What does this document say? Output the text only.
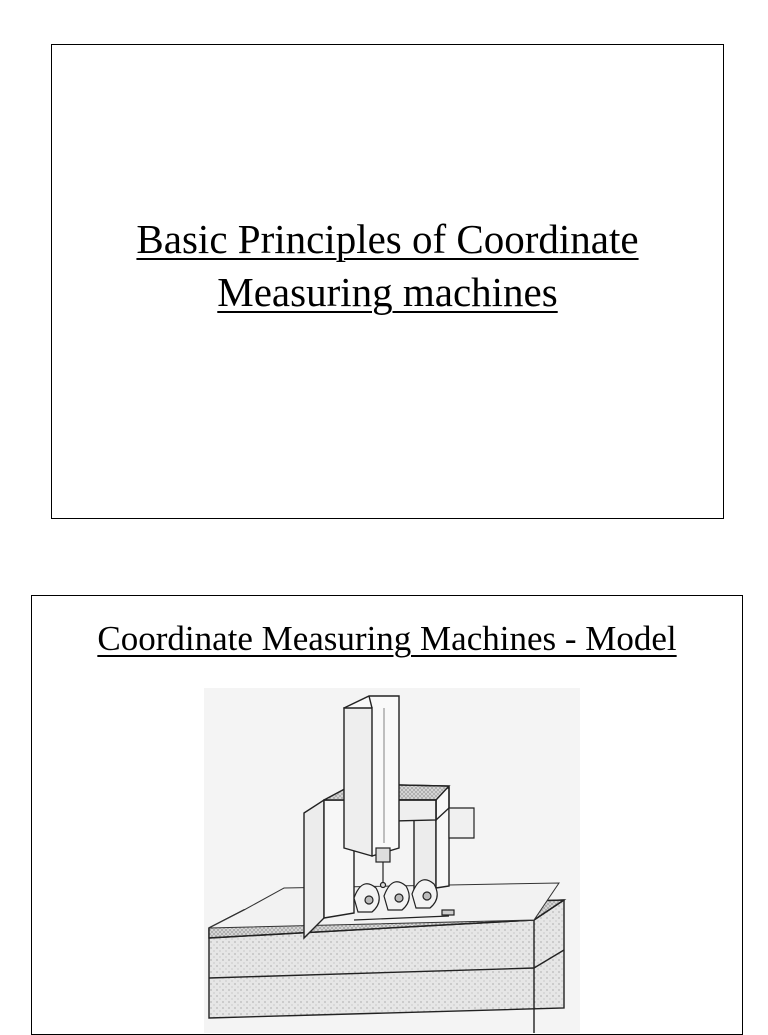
Basic Principles of Coordinate
Measuring machines
Coordinate Measuring Machines - Model
